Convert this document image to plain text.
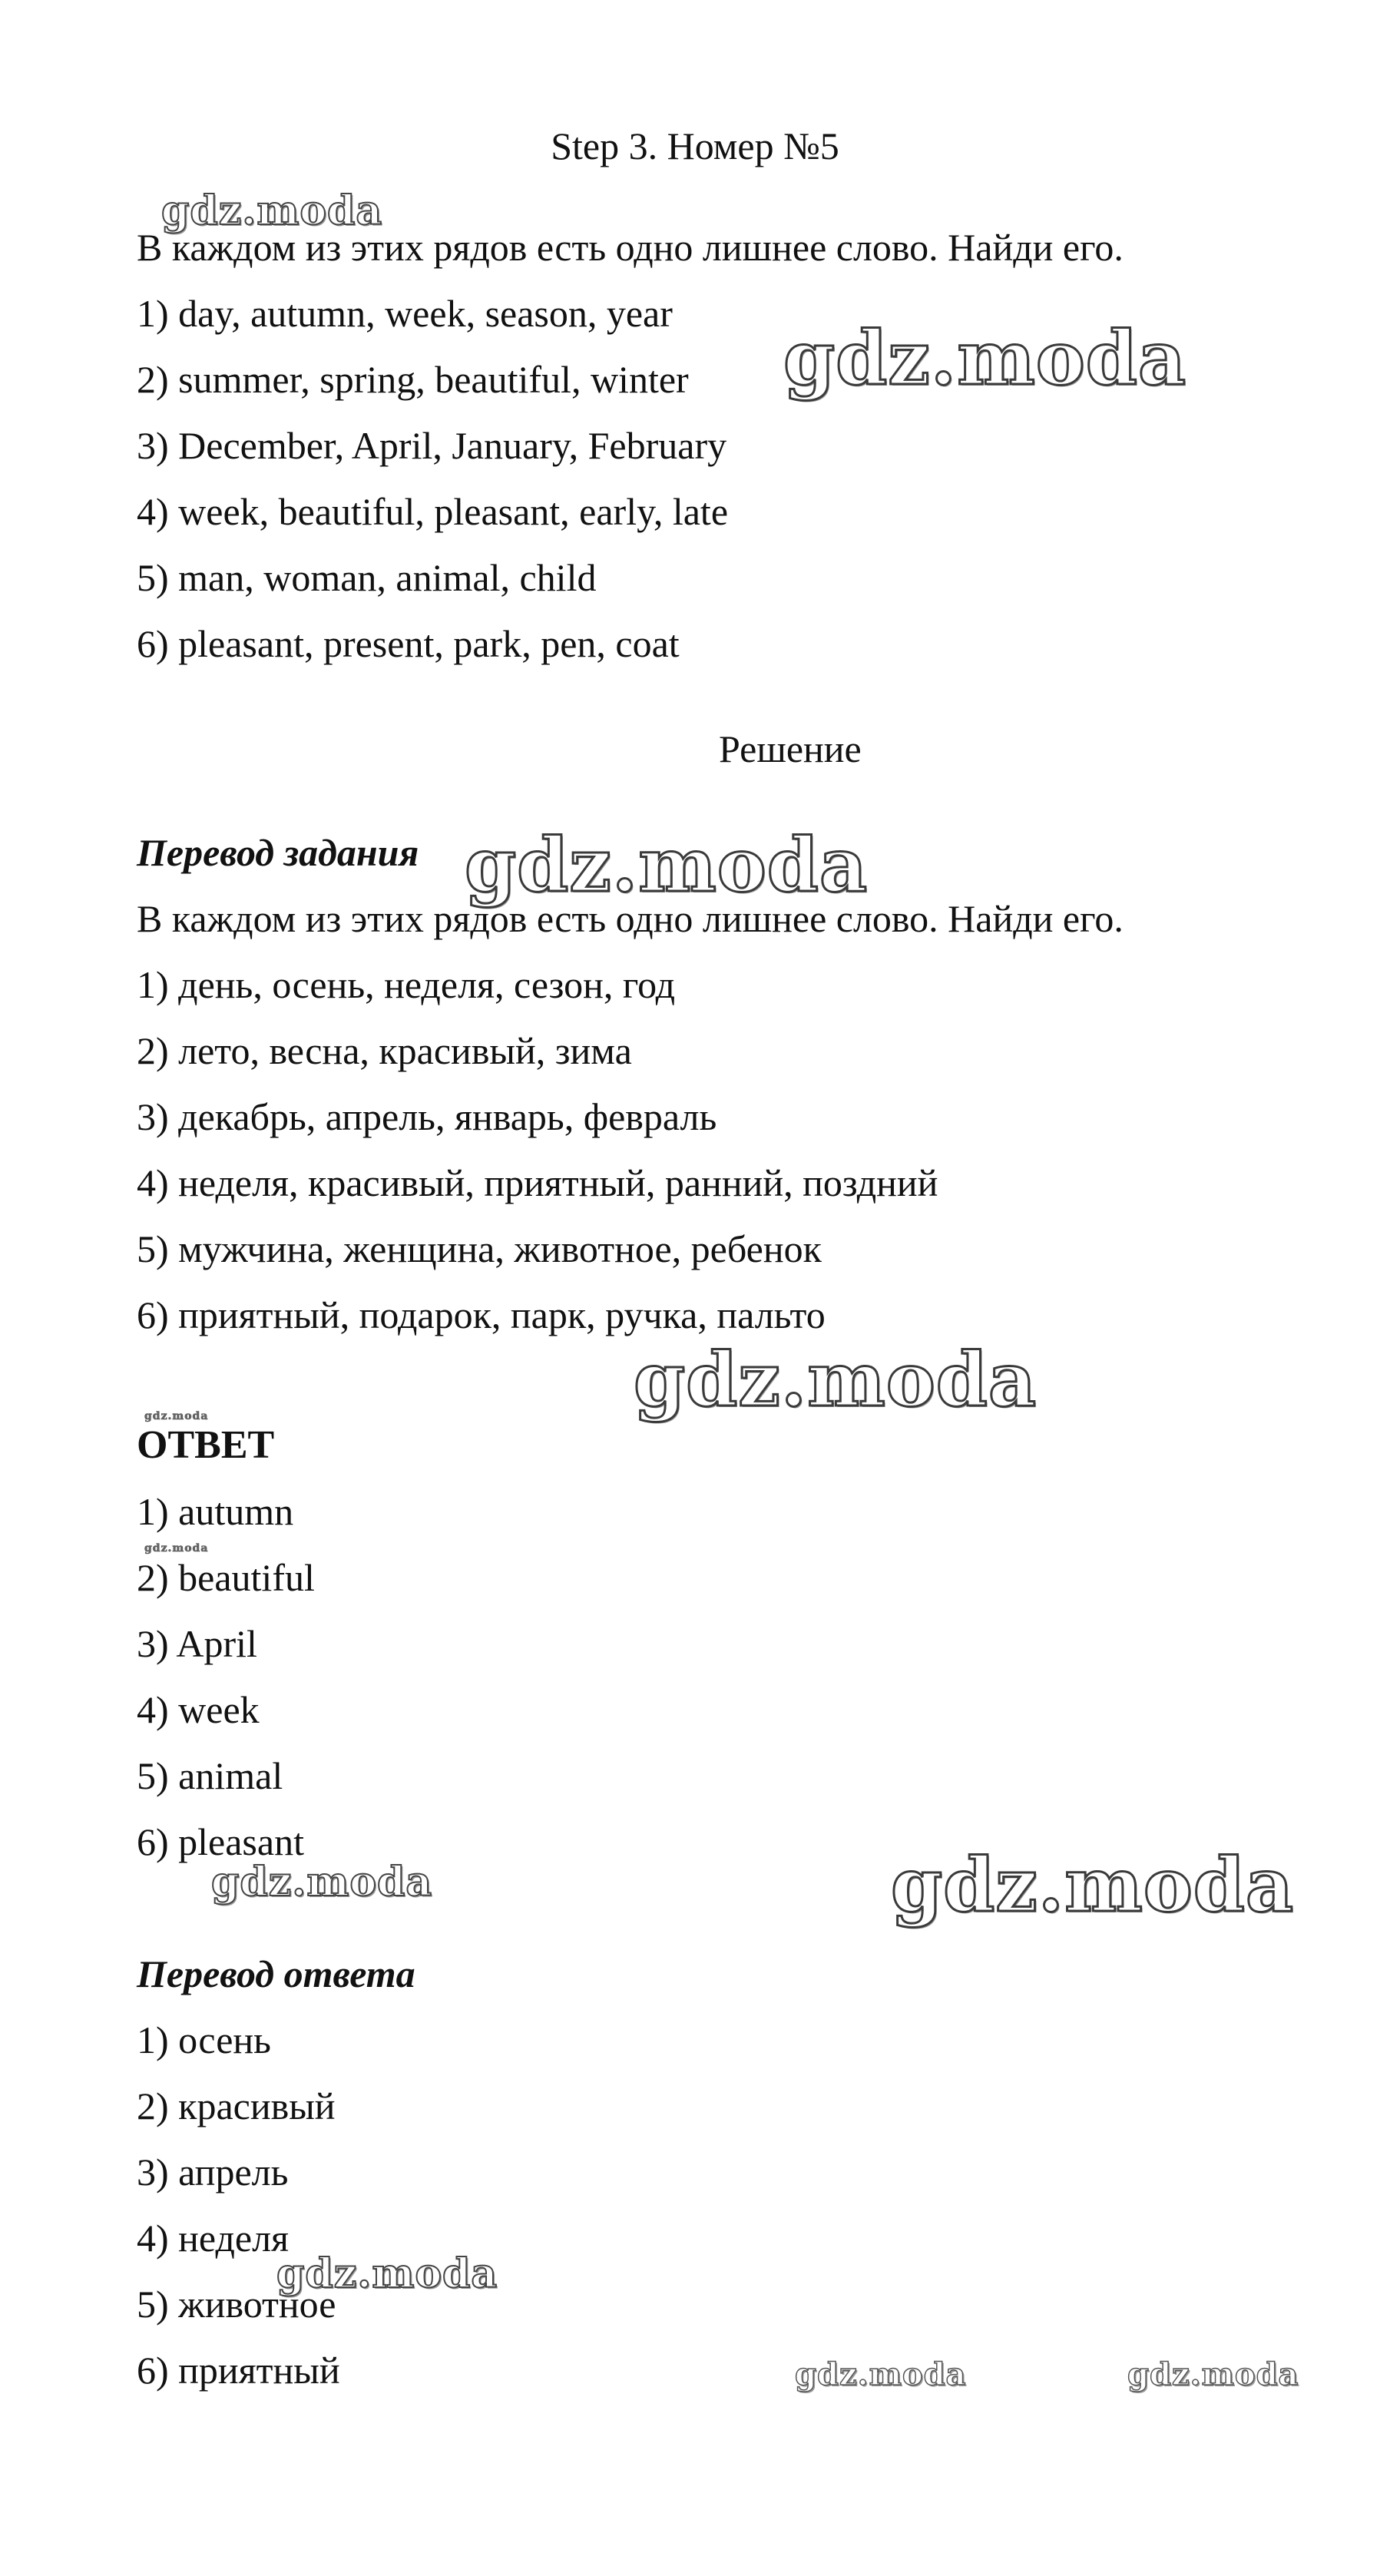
Step 3. Номер №5
В каждом из этих рядов есть одно лишнее слово. Найди его.
1) day, autumn, week, season, year
2) summer, spring, beautiful, winter
3) December, April, January, February
4) week, beautiful, pleasant, early, late
5) man, woman, animal, child
6) pleasant, present, park, pen, coat
Решение
Перевод задания
В каждом из этих рядов есть одно лишнее слово. Найди его.
1) день, осень, неделя, сезон, год
2) лето, весна, красивый, зима
3) декабрь, апрель, январь, февраль
4) неделя, красивый, приятный, ранний, поздний
5) мужчина, женщина, животное, ребенок
6) приятный, подарок, парк, ручка, пальто
ОТВЕТ
1) autumn
2) beautiful
3) April
4) week
5) animal
6) pleasant
Перевод ответа
1) осень
2) красивый
3) апрель
4) неделя
5) животное
6) приятный
gdz.moda
gdz.moda
gdz.moda
gdz.moda
gdz.moda
gdz.moda
gdz.moda	gdz.moda
gdz.moda
gdz.moda	gdz.moda
